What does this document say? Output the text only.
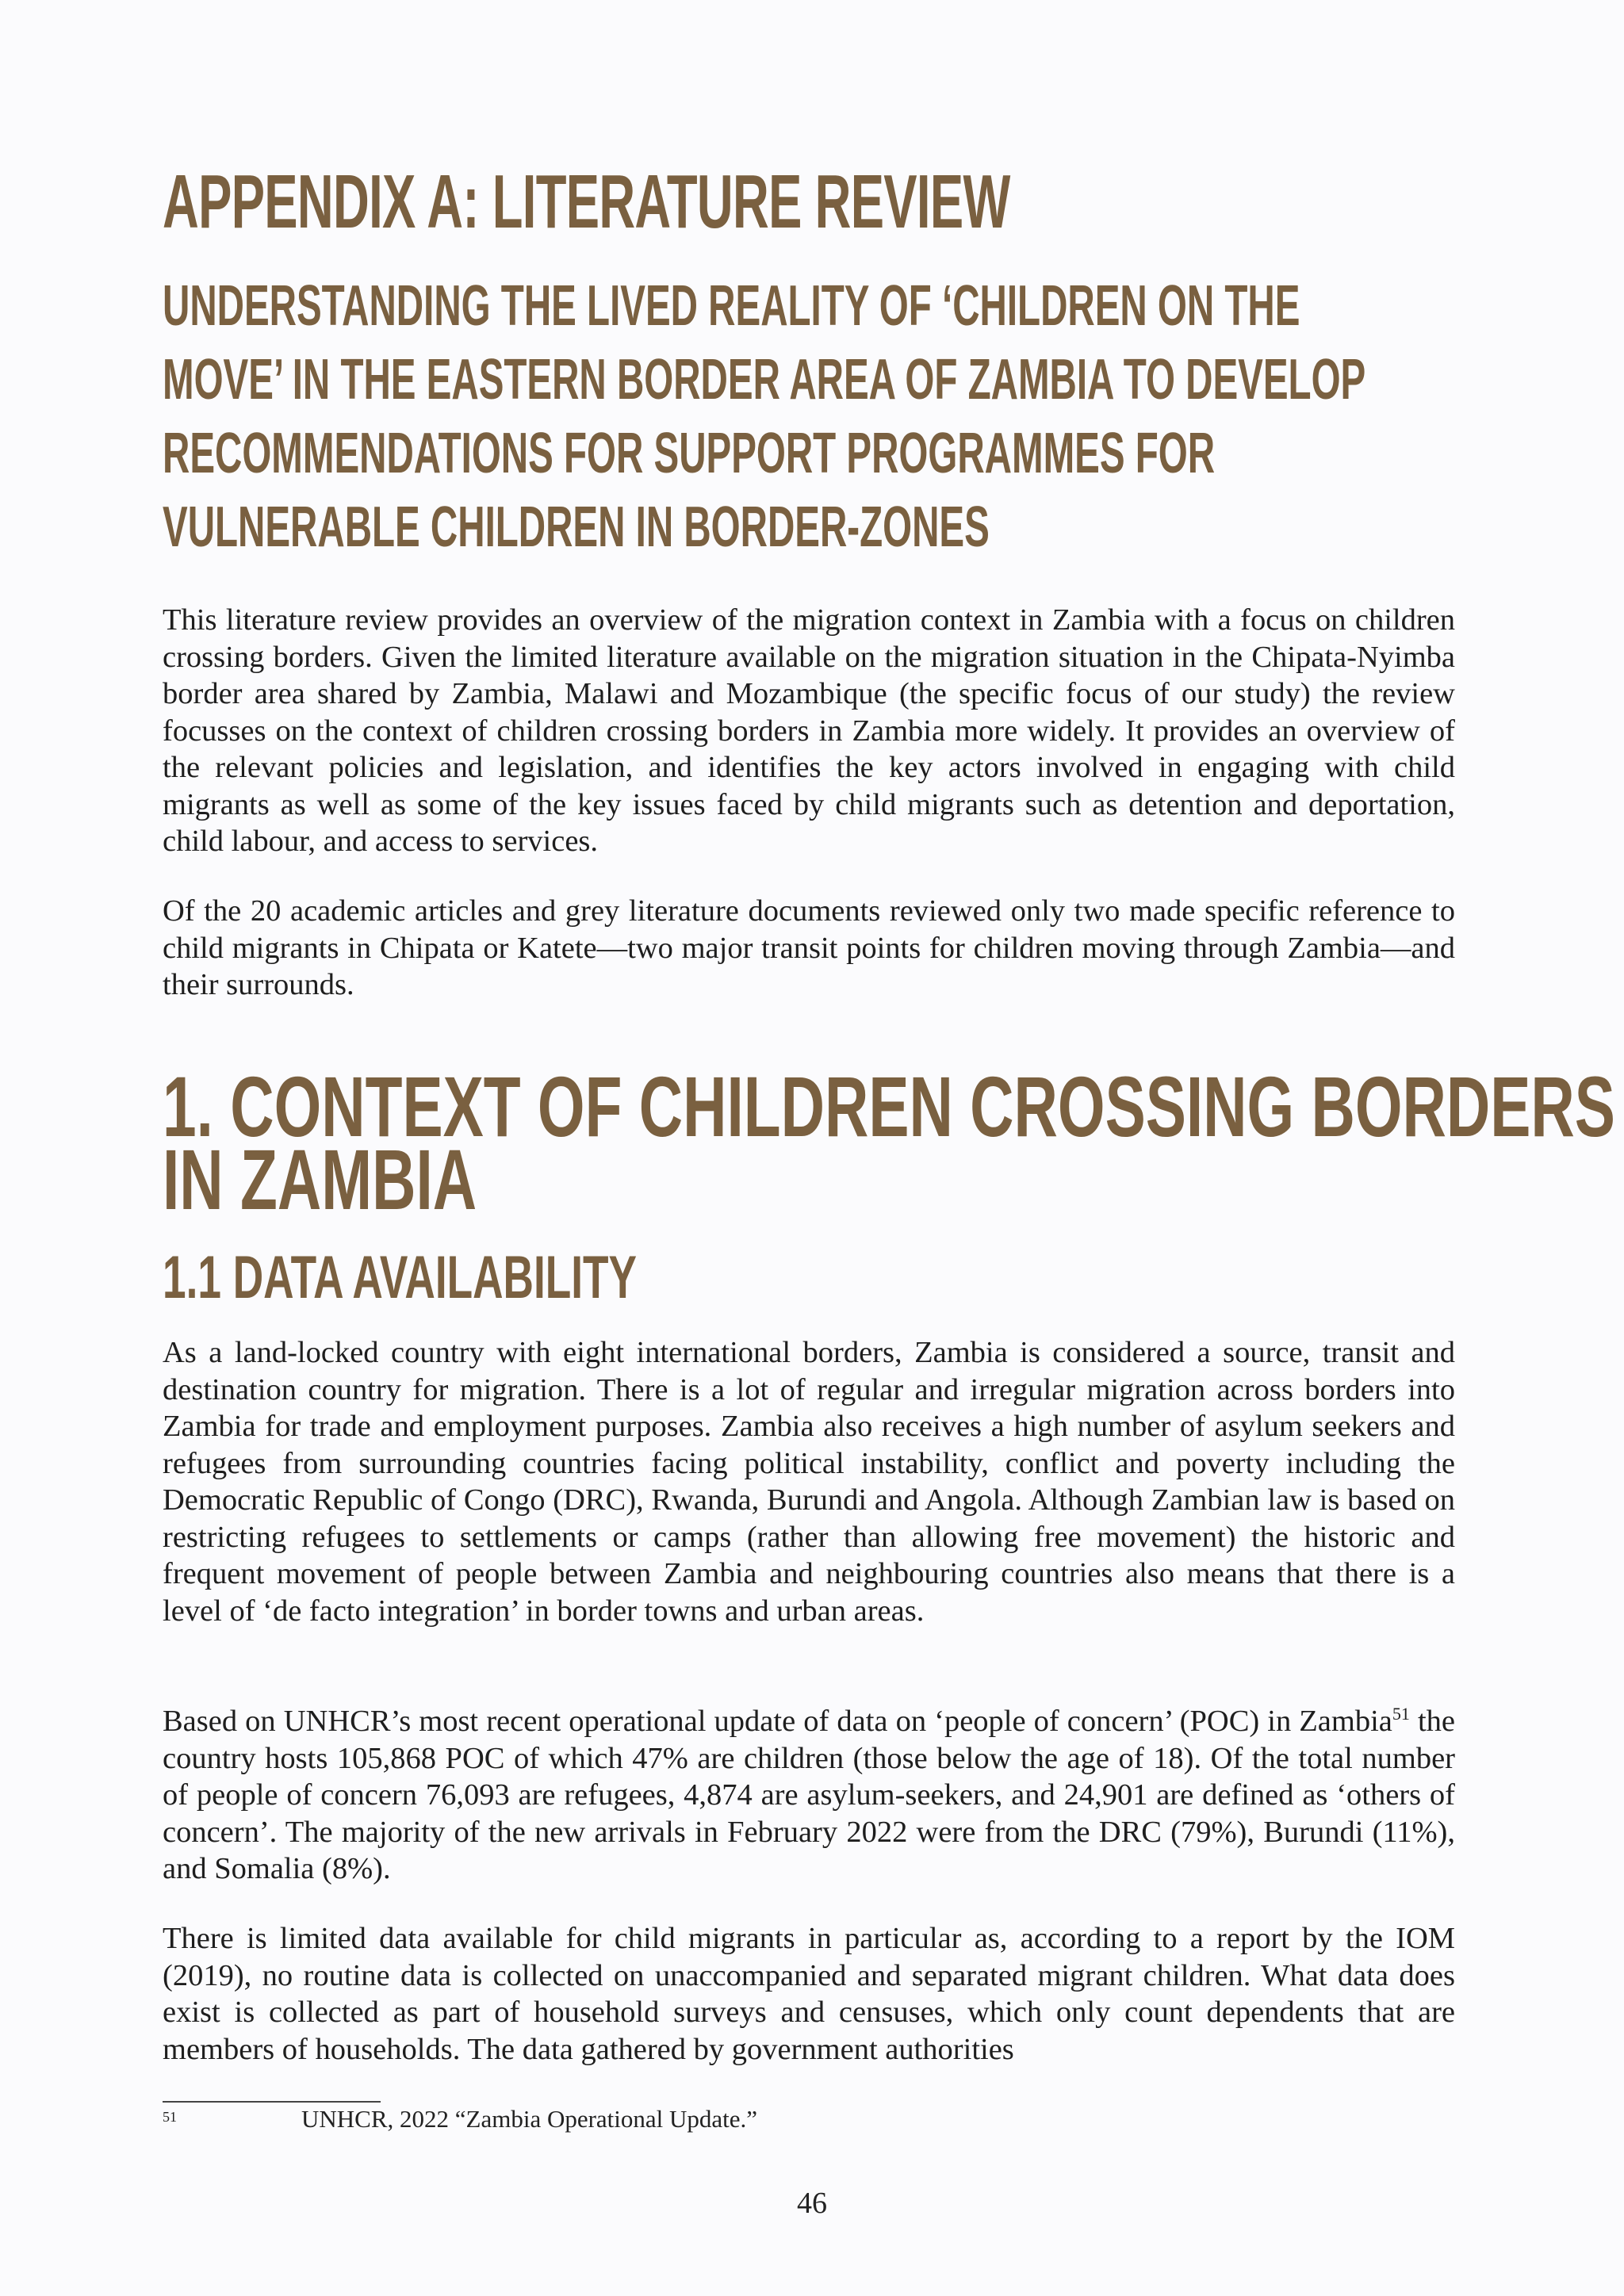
APPENDIX A: LITERATURE REVIEW
UNDERSTANDING THE LIVED REALITY OF ‘CHILDREN ON THE
MOVE’ IN THE EASTERN BORDER AREA OF ZAMBIA TO DEVELOP
RECOMMENDATIONS FOR SUPPORT PROGRAMMES FOR
VULNERABLE CHILDREN IN BORDER-ZONES

This literature review provides an overview of the migration context in Zambia with a focus on children crossing borders. Given the limited literature available on the migration situation in the Chipata-Nyimba border area shared by Zambia, Malawi and Mozambique (the specific focus of our study) the review focusses on the context of children crossing borders in Zambia more widely. It provides an overview of the relevant policies and legislation, and identifies the key actors involved in engaging with child migrants as well as some of the key issues faced by child migrants such as detention and deportation, child labour, and access to services.

Of the 20 academic articles and grey literature documents reviewed only two made specific reference to child migrants in Chipata or Katete—two major transit points for children moving through Zambia—and their surrounds.

1. CONTEXT OF CHILDREN CROSSING BORDERS
IN ZAMBIA
1.1 DATA AVAILABILITY

As a land-locked country with eight international borders, Zambia is considered a source, transit and destination country for migration. There is a lot of regular and irregular migration across borders into Zambia for trade and employment purposes. Zambia also receives a high number of asylum seekers and refugees from surrounding countries facing political instability, conflict and poverty including the Democratic Republic of Congo (DRC), Rwanda, Burundi and Angola. Although Zambian law is based on restricting refugees to settlements or camps (rather than allowing free movement) the historic and frequent movement of people between Zambia and neighbouring countries also means that there is a level of ‘de facto integration’ in border towns and urban areas.

Based on UNHCR’s most recent operational update of data on ‘people of concern’ (POC) in Zambia$^{51}$ the country hosts 105,868 POC of which 47% are children (those below the age of 18). Of the total number of people of concern 76,093 are refugees, 4,874 are asylum-seekers, and 24,901 are defined as ‘others of concern’. The majority of the new arrivals in February 2022 were from the DRC (79%), Burundi (11%), and Somalia (8%).

There is limited data available for child migrants in particular as, according to a report by the IOM (2019), no routine data is collected on unaccompanied and separated migrant children. What data does exist is collected as part of household surveys and censuses, which only count dependents that are members of households. The data gathered by government authorities

51	UNHCR, 2022 “Zambia Operational Update.”
46
